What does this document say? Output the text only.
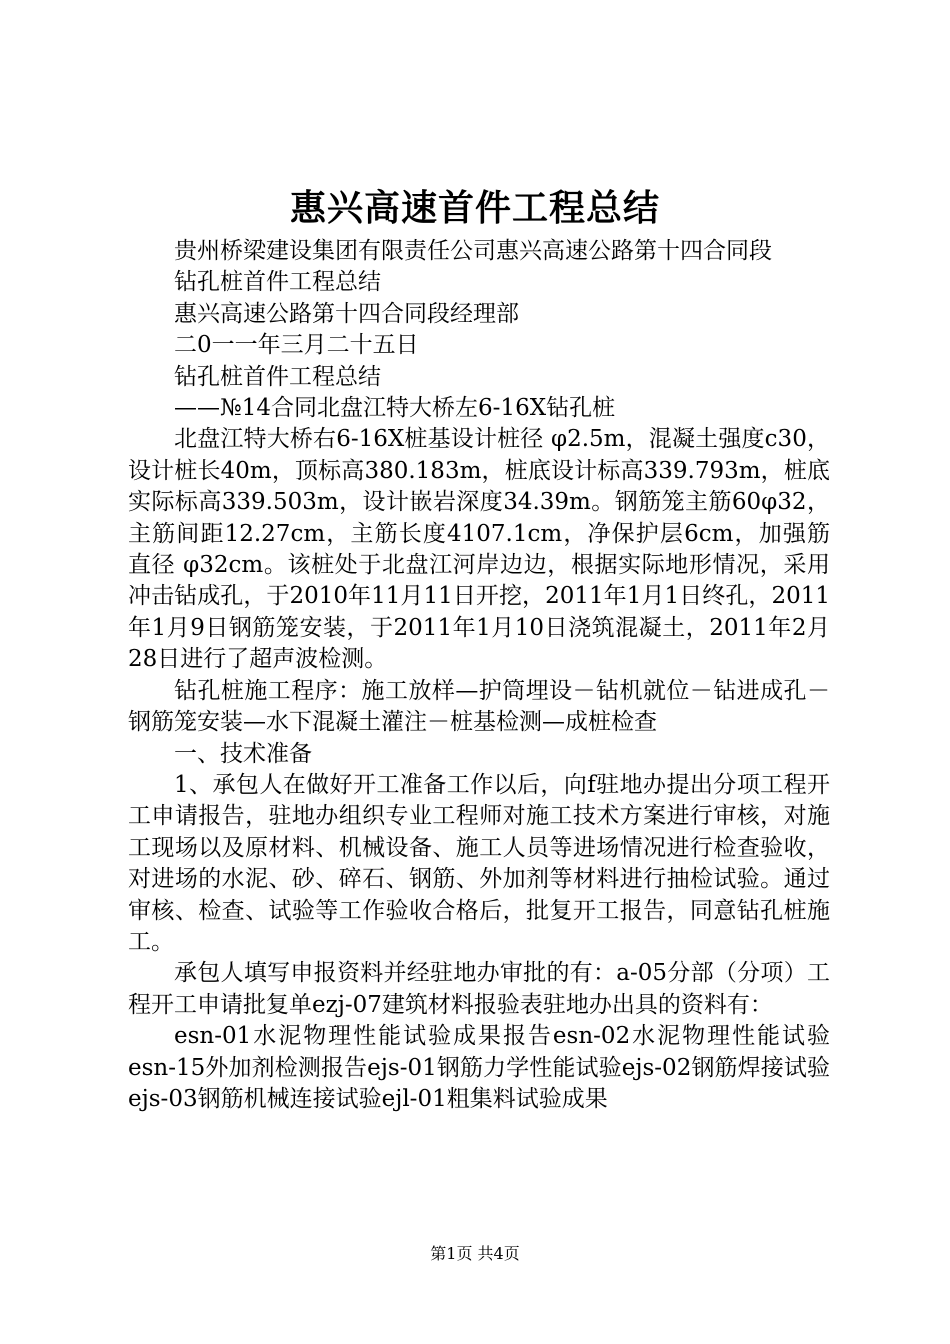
惠兴高速首件工程总结

贵州桥梁建设集团有限责任公司惠兴高速公路第十四合同段

钻孔桩首件工程总结

惠兴高速公路第十四合同段经理部

二0一一年三月二十五日

钻孔桩首件工程总结

——№14合同北盘江特大桥左6-16X钻孔桩

北盘江特大桥右6-16X桩基设计桩径 φ2.5m，混凝土强度c30，设计桩长40m，顶标高380.183m，桩底设计标高339.793m，桩底实际标高339.503m，设计嵌岩深度34.39m。钢筋笼主筋60φ32，主筋间距12.27cm，主筋长度4107.1cm，净保护层6cm，加强筋直径 φ32cm。该桩处于北盘江河岸边边，根据实际地形情况，采用冲击钻成孔，于2010年11月11日开挖，2011年1月1日终孔，2011年1月9日钢筋笼安装，于2011年1月10日浇筑混凝土，2011年2月28日进行了超声波检测。

钻孔桩施工程序：施工放样—护筒埋设－钻机就位－钻进成孔－钢筋笼安装—水下混凝土灌注－桩基检测—成桩检查

一、技术准备

1、承包人在做好开工准备工作以后，向f驻地办提出分项工程开工申请报告，驻地办组织专业工程师对施工技术方案进行审核，对施工现场以及原材料、机械设备、施工人员等进场情况进行检查验收，对进场的水泥、砂、碎石、钢筋、外加剂等材料进行抽检试验。通过审核、检查、试验等工作验收合格后，批复开工报告，同意钻孔桩施工。

承包人填写申报资料并经驻地办审批的有：a-05分部（分项）工程开工申请批复单ezj-07建筑材料报验表驻地办出具的资料有：

esn-01水泥物理性能试验成果报告esn-02水泥物理性能试验esn-15外加剂检测报告ejs-01钢筋力学性能试验ejs-02钢筋焊接试验ejs-03钢筋机械连接试验ejl-01粗集料试验成果

第1页 共4页
